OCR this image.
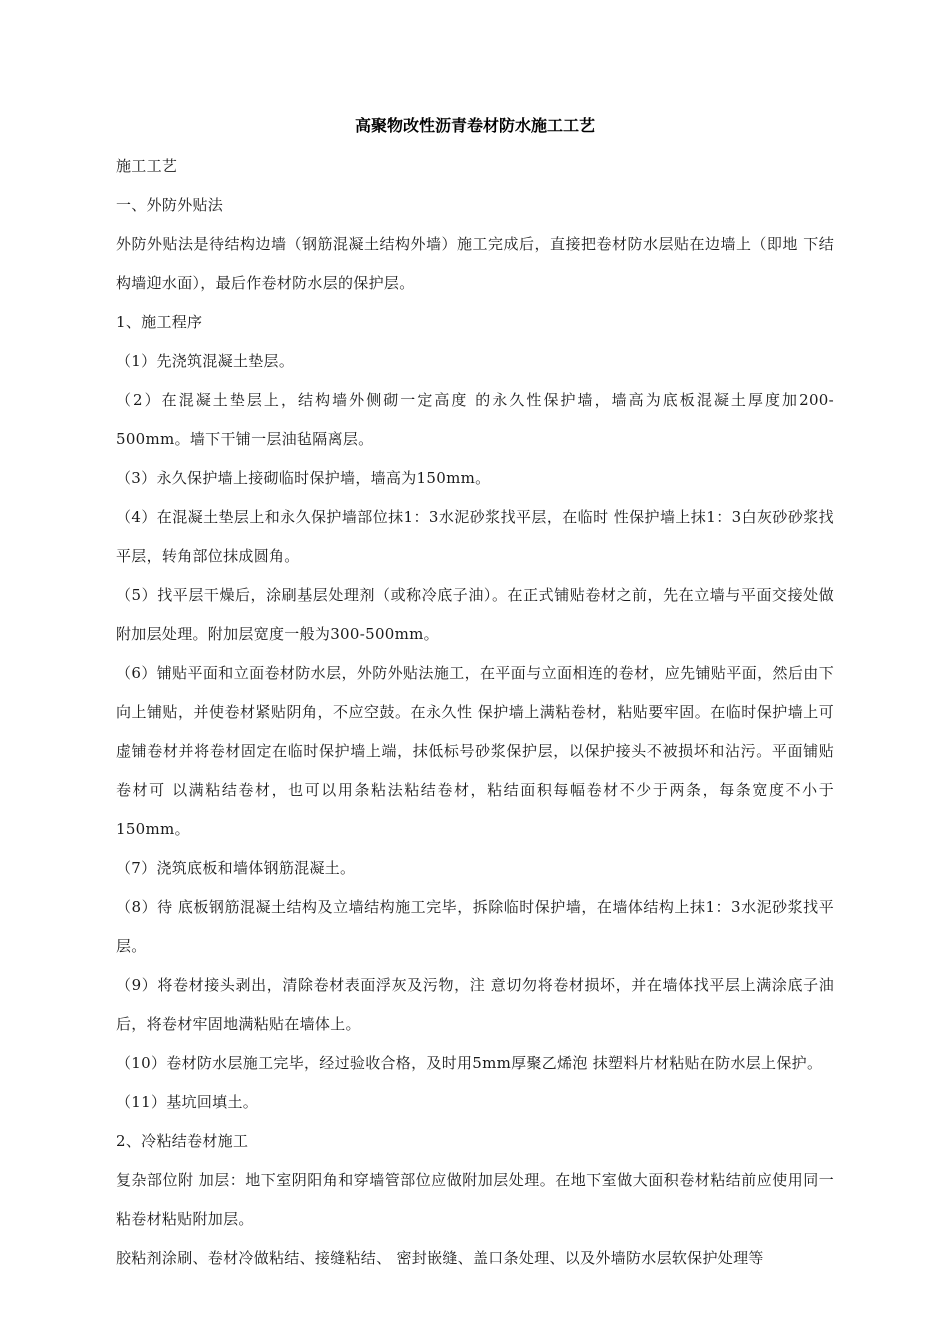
高聚物改性沥青卷材防水施工工艺

施工工艺

一、外防外贴法

外防外贴法是待结构边墙（钢筋混凝土结构外墙）施工完成后，直接把卷材防水层贴在边墙上（即地 下结构墙迎水面），最后作卷材防水层的保护层。

1、施工程序

（1）先浇筑混凝土垫层。

（2）在混凝土垫层上，结构墙外侧砌一定高度 的永久性保护墙，墙高为底板混凝土厚度加200-500mm。墙下干铺一层油毡隔离层。

（3）永久保护墙上接砌临时保护墙，墙高为150mm。

（4）在混凝土垫层上和永久保护墙部位抹1：3水泥砂浆找平层，在临时 性保护墙上抹1：3白灰砂砂浆找平层，转角部位抹成圆角。

（5）找平层干燥后，涂刷基层处理剂（或称冷底子油）。在正式铺贴卷材之前，先在立墙与平面交接处做附加层处理。附加层宽度一般为300-500mm。

（6）铺贴平面和立面卷材防水层，外防外贴法施工，在平面与立面相连的卷材，应先铺贴平面，然后由下向上铺贴，并使卷材紧贴阴角，不应空鼓。在永久性 保护墙上满粘卷材，粘贴要牢固。在临时保护墙上可虚铺卷材并将卷材固定在临时保护墙上端，抹低标号砂浆保护层，以保护接头不被损坏和沾污。平面铺贴卷材可 以满粘结卷材，也可以用条粘法粘结卷材，粘结面积每幅卷材不少于两条，每条宽度不小于150mm。

（7）浇筑底板和墙体钢筋混凝土。

（8）待 底板钢筋混凝土结构及立墙结构施工完毕，拆除临时保护墙，在墙体结构上抹1：3水泥砂浆找平层。

（9）将卷材接头剥出，清除卷材表面浮灰及污物，注 意切勿将卷材损坏，并在墙体找平层上满涂底子油后，将卷材牢固地满粘贴在墙体上。

（10）卷材防水层施工完毕，经过验收合格，及时用5mm厚聚乙烯泡 抹塑料片材粘贴在防水层上保护。

（11）基坑回填土。

2、冷粘结卷材施工

复杂部位附 加层：地下室阴阳角和穿墙管部位应做附加层处理。在地下室做大面积卷材粘结前应使用同一粘卷材粘贴附加层。

胶粘剂涂刷、卷材冷做粘结、接缝粘结、 密封嵌缝、盖口条处理、以及外墙防水层软保护处理等
